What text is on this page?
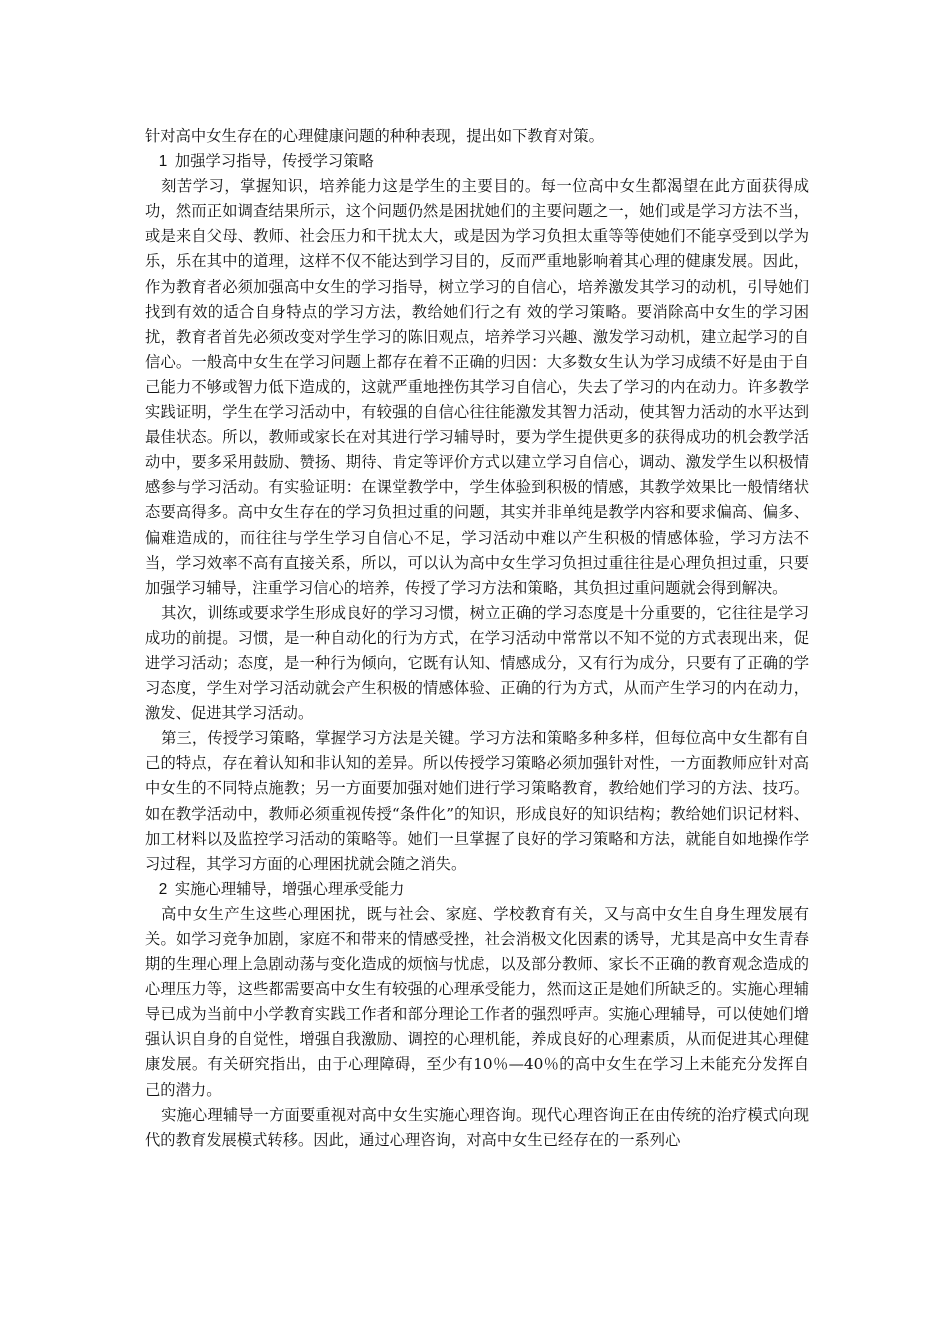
针对高中女生存在的心理健康问题的种种表现，提出如下教育对策。

1 加强学习指导，传授学习策略

刻苦学习，掌握知识，培养能力这是学生的主要目的。每一位高中女生都渴望在此方面获得成功，然而正如调查结果所示，这个问题仍然是困扰她们的主要问题之一，她们或是学习方法不当，或是来自父母、教师、社会压力和干扰太大，或是因为学习负担太重等等使她们不能享受到以学为乐，乐在其中的道理，这样不仅不能达到学习目的，反而严重地影响着其心理的健康发展。因此，作为教育者必须加强高中女生的学习指导，树立学习的自信心，培养激发其学习的动机，引导她们找到有效的适合自身特点的学习方法，教给她们行之有 效的学习策略。要消除高中女生的学习困扰，教育者首先必须改变对学生学习的陈旧观点，培养学习兴趣、激发学习动机，建立起学习的自信心。一般高中女生在学习问题上都存在着不正确的归因：大多数女生认为学习成绩不好是由于自己能力不够或智力低下造成的，这就严重地挫伤其学习自信心，失去了学习的内在动力。许多教学实践证明，学生在学习活动中，有较强的自信心往往能激发其智力活动，使其智力活动的水平达到最佳状态。所以，教师或家长在对其进行学习辅导时，要为学生提供更多的获得成功的机会教学活动中，要多采用鼓励、赞扬、期待、肯定等评价方式以建立学习自信心，调动、激发学生以积极情感参与学习活动。有实验证明：在课堂教学中，学生体验到积极的情感，其教学效果比一般情绪状态要高得多。高中女生存在的学习负担过重的问题，其实并非单纯是教学内容和要求偏高、偏多、偏难造成的，而往往与学生学习自信心不足，学习活动中难以产生积极的情感体验，学习方法不当，学习效率不高有直接关系，所以，可以认为高中女生学习负担过重往往是心理负担过重，只要加强学习辅导，注重学习信心的培养，传授了学习方法和策略，其负担过重问题就会得到解决。

其次，训练或要求学生形成良好的学习习惯，树立正确的学习态度是十分重要的，它往往是学习成功的前提。习惯，是一种自动化的行为方式，在学习活动中常常以不知不觉的方式表现出来，促进学习活动；态度，是一种行为倾向，它既有认知、情感成分，又有行为成分，只要有了正确的学习态度，学生对学习活动就会产生积极的情感体验、正确的行为方式，从而产生学习的内在动力，激发、促进其学习活动。

第三，传授学习策略，掌握学习方法是关键。学习方法和策略多种多样，但每位高中女生都有自己的特点，存在着认知和非认知的差异。所以传授学习策略必须加强针对性，一方面教师应针对高中女生的不同特点施教；另一方面要加强对她们进行学习策略教育，教给她们学习的方法、技巧。如在教学活动中，教师必须重视传授“条件化”的知识，形成良好的知识结构；教给她们识记材料、加工材料以及监控学习活动的策略等。她们一旦掌握了良好的学习策略和方法，就能自如地操作学习过程，其学习方面的心理困扰就会随之消失。

2 实施心理辅导，增强心理承受能力

高中女生产生这些心理困扰，既与社会、家庭、学校教育有关，又与高中女生自身生理发展有关。如学习竞争加剧，家庭不和带来的情感受挫，社会消极文化因素的诱导，尤其是高中女生青春期的生理心理上急剧动荡与变化造成的烦恼与忧虑，以及部分教师、家长不正确的教育观念造成的心理压力等，这些都需要高中女生有较强的心理承受能力，然而这正是她们所缺乏的。实施心理辅导已成为当前中小学教育实践工作者和部分理论工作者的强烈呼声。实施心理辅导，可以使她们增强认识自身的自觉性，增强自我激励、调控的心理机能，养成良好的心理素质，从而促进其心理健康发展。有关研究指出，由于心理障碍，至少有10％—40％的高中女生在学习上未能充分发挥自己的潜力。

实施心理辅导一方面要重视对高中女生实施心理咨询。现代心理咨询正在由传统的治疗模式向现代的教育发展模式转移。因此，通过心理咨询，对高中女生已经存在的一系列心
